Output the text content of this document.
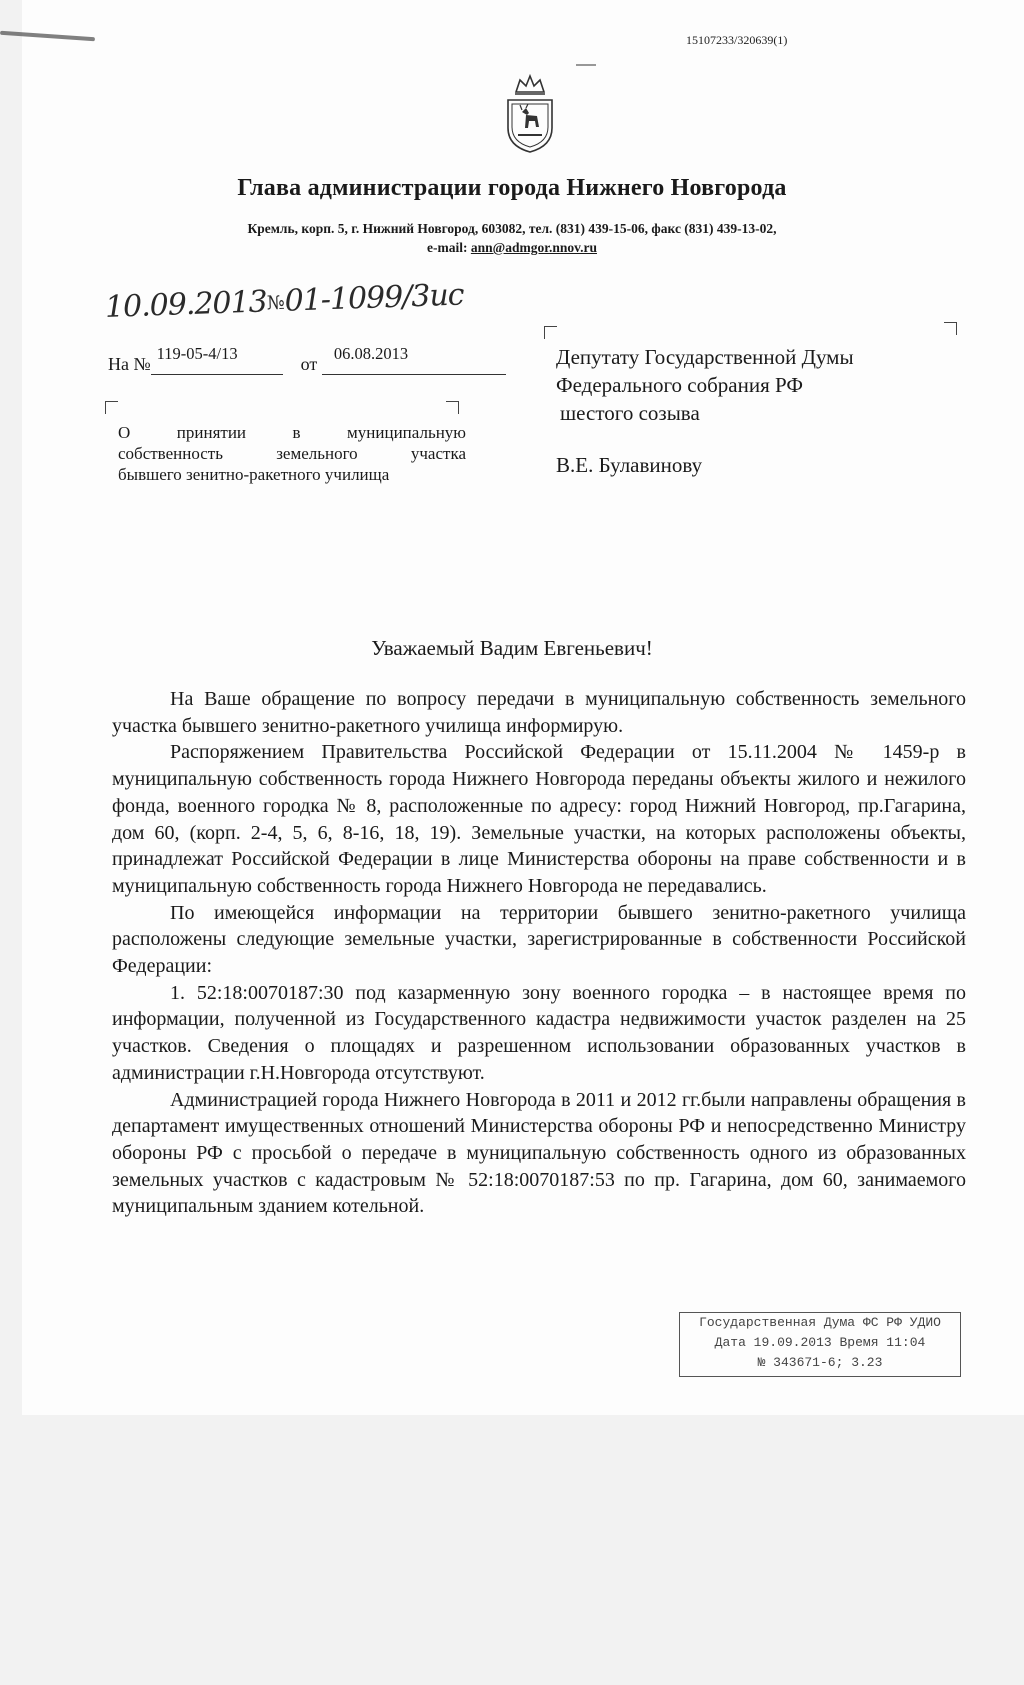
15107233/320639(1)
Глава администрации города Нижнего Новгорода
Кремль, корп. 5, г. Нижний Новгород, 603082, тел. (831) 439-15-06, факс (831) 439-13-02,
e-mail: ann@admgor.nnov.ru
10.09.2013№01-1099/3ис
На №
119-05-4/13
от
06.08.2013
О принятии в муниципальную
собственность земельного участка
бывшего зенитно-ракетного училища
Депутату Государственной Думы
Федерального собрания РФ
шестого созыва
В.Е. Булавинову
Уважаемый Вадим Евгеньевич!

На Ваше обращение по вопросу передачи в муниципальную собственность земельного участка бывшего зенитно-ракетного училища информирую.

Распоряжением Правительства Российской Федерации от 15.11.2004 № 1459-р в муниципальную собственность города Нижнего Новгорода переданы объекты жилого и нежилого фонда, военного городка № 8, расположенные по адресу: город Нижний Новгород, пр.Гагарина, дом 60, (корп. 2-4, 5, 6, 8-16, 18, 19). Земельные участки, на которых расположены объекты, принадлежат Российской Федерации в лице Министерства обороны на праве собственности и в муниципальную собственность города Нижнего Новгорода не передавались.

По имеющейся информации на территории бывшего зенитно-ракетного училища расположены следующие земельные участки, зарегистрированные в собственности Российской Федерации:

1. 52:18:0070187:30 под казарменную зону военного городка – в настоящее время по информации, полученной из Государственного кадастра недвижимости участок разделен на 25 участков. Сведения о площадях и разрешенном использовании образованных участков в администрации г.Н.Новгорода отсутствуют.

Администрацией города Нижнего Новгорода в 2011 и 2012 гг.были направлены обращения в департамент имущественных отношений Министерства обороны РФ и непосредственно Министру обороны РФ с просьбой о передаче в муниципальную собственность одного из образованных земельных участков с кадастровым № 52:18:0070187:53 по пр. Гагарина, дом 60, занимаемого муниципальным зданием котельной.

Государственная Дума ФС РФ УДИО
Дата 19.09.2013 Время 11:04
№ 343671-6; 3.23
